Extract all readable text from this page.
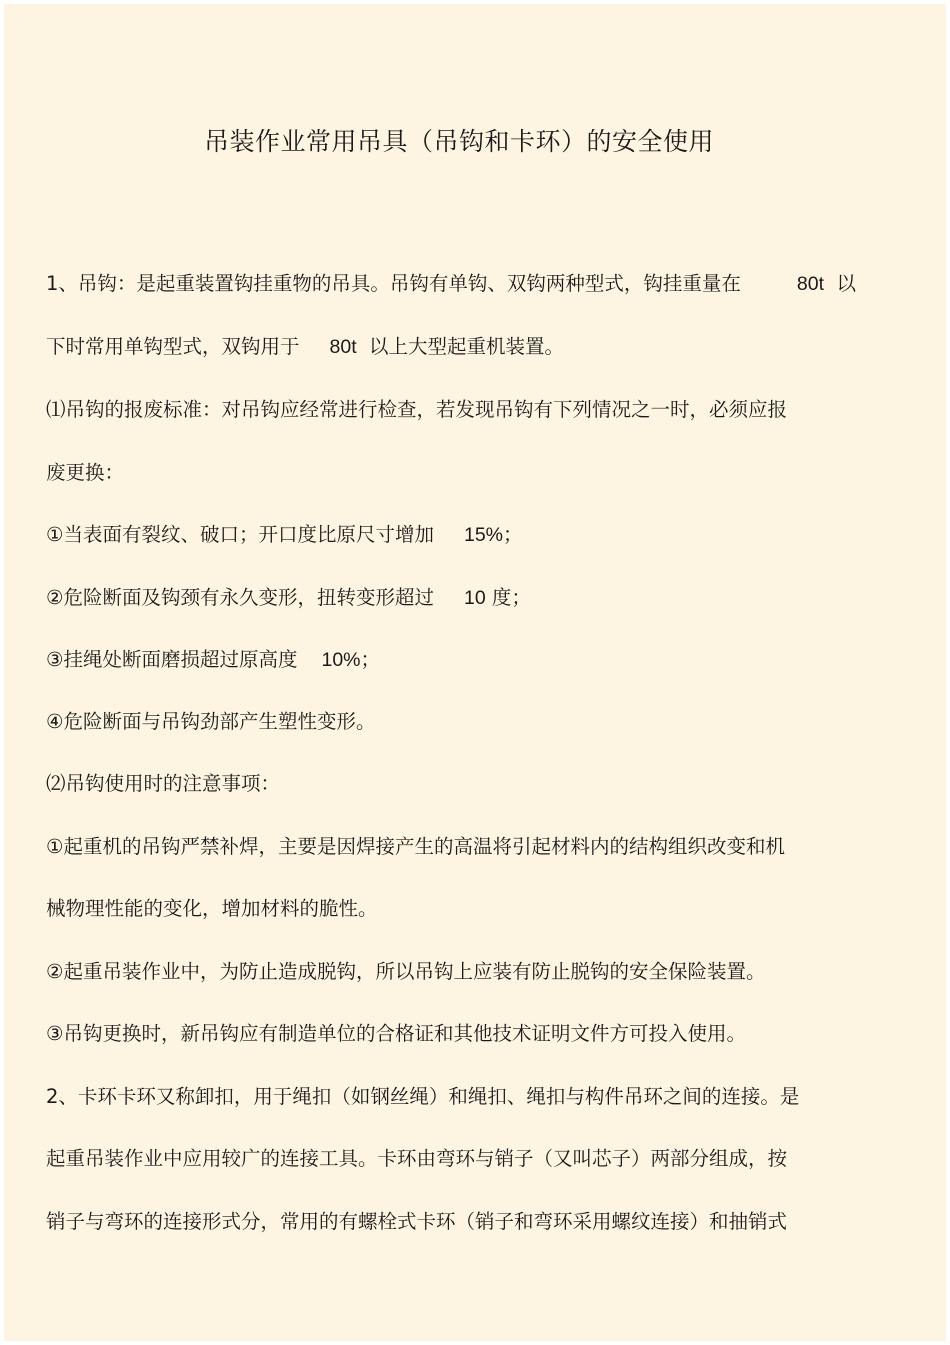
吊装作业常用吊具（吊钩和卡环）的安全使用
1、吊钩：是起重装置钩挂重物的吊具。吊钩有单钩、双钩两种型式，钩挂重量在	80t 以
下时常用单钩型式，双钩用于 80t 以上大型起重机装置。
⑴吊钩的报废标准：对吊钩应经常进行检查，若发现吊钩有下列情况之一时，必须应报
废更换：
①当表面有裂纹、破口；开口度比原尺寸增加 15%；
②危险断面及钩颈有永久变形，扭转变形超过 10 度；
③挂绳处断面磨损超过原高度 10%；
④危险断面与吊钩劲部产生塑性变形。
⑵吊钩使用时的注意事项：
①起重机的吊钩严禁补焊，主要是因焊接产生的高温将引起材料内的结构组织改变和机
械物理性能的变化，增加材料的脆性。
②起重吊装作业中，为防止造成脱钩，所以吊钩上应装有防止脱钩的安全保险装置。
③吊钩更换时，新吊钩应有制造单位的合格证和其他技术证明文件方可投入使用。
2、卡环卡环又称卸扣，用于绳扣（如钢丝绳）和绳扣、绳扣与构件吊环之间的连接。是
起重吊装作业中应用较广的连接工具。卡环由弯环与销子（又叫芯子）两部分组成，按
销子与弯环的连接形式分，常用的有螺栓式卡环（销子和弯环采用螺纹连接）和抽销式
